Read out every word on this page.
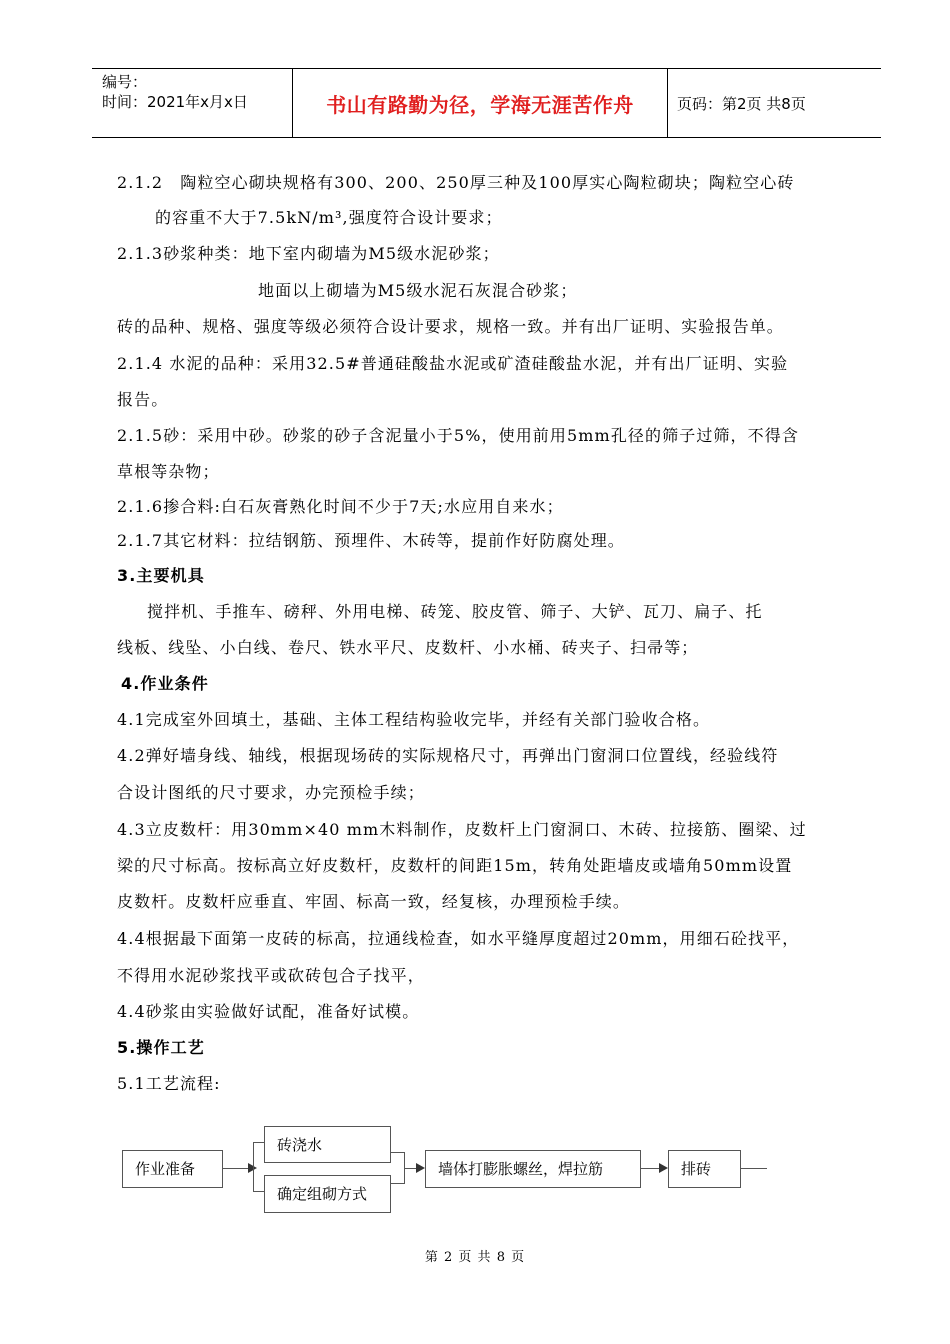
编号：
时间：2021年x月x日	书山有路勤为径，学海无涯苦作舟	页码：第2页 共8页
2.1.2　陶粒空心砌块规格有300、200、250厚三种及100厚实心陶粒砌块；陶粒空心砖
的容重不大于7.5kN/m³,强度符合设计要求；
2.1.3砂浆种类：地下室内砌墙为M5级水泥砂浆；
地面以上砌墙为M5级水泥石灰混合砂浆；
砖的品种、规格、强度等级必须符合设计要求，规格一致。并有出厂证明、实验报告单。
2.1.4 水泥的品种：采用32.5#普通硅酸盐水泥或矿渣硅酸盐水泥，并有出厂证明、实验
报告。
2.1.5砂：采用中砂。砂浆的砂子含泥量小于5%，使用前用5mm孔径的筛子过筛，不得含
草根等杂物；
2.1.6掺合料:白石灰膏熟化时间不少于7天;水应用自来水；
2.1.7其它材料：拉结钢筋、预埋件、木砖等，提前作好防腐处理。
3.主要机具
搅拌机、手推车、磅秤、外用电梯、砖笼、胶皮管、筛子、大铲、瓦刀、扁子、托
线板、线坠、小白线、卷尺、铁水平尺、皮数杆、小水桶、砖夹子、扫帚等；
4.作业条件
4.1完成室外回填土，基础、主体工程结构验收完毕，并经有关部门验收合格。
4.2弹好墙身线、轴线，根据现场砖的实际规格尺寸，再弹出门窗洞口位置线，经验线符
合设计图纸的尺寸要求，办完预检手续；
4.3立皮数杆：用30mm×40 mm木料制作，皮数杆上门窗洞口、木砖、拉接筋、圈梁、过
梁的尺寸标高。按标高立好皮数杆，皮数杆的间距15m，转角处距墙皮或墙角50mm设置
皮数杆。皮数杆应垂直、牢固、标高一致，经复核，办理预检手续。
4.4根据最下面第一皮砖的标高，拉通线检查，如水平缝厚度超过20mm，用细石砼找平，
不得用水泥砂浆找平或砍砖包合子找平，
4.4砂浆由实验做好试配，准备好试模。
5.操作工艺
5.1工艺流程:
作业准备
砖浇水
确定组砌方式
墙体打膨胀螺丝，焊拉筋	排砖
第 2 页 共 8 页
